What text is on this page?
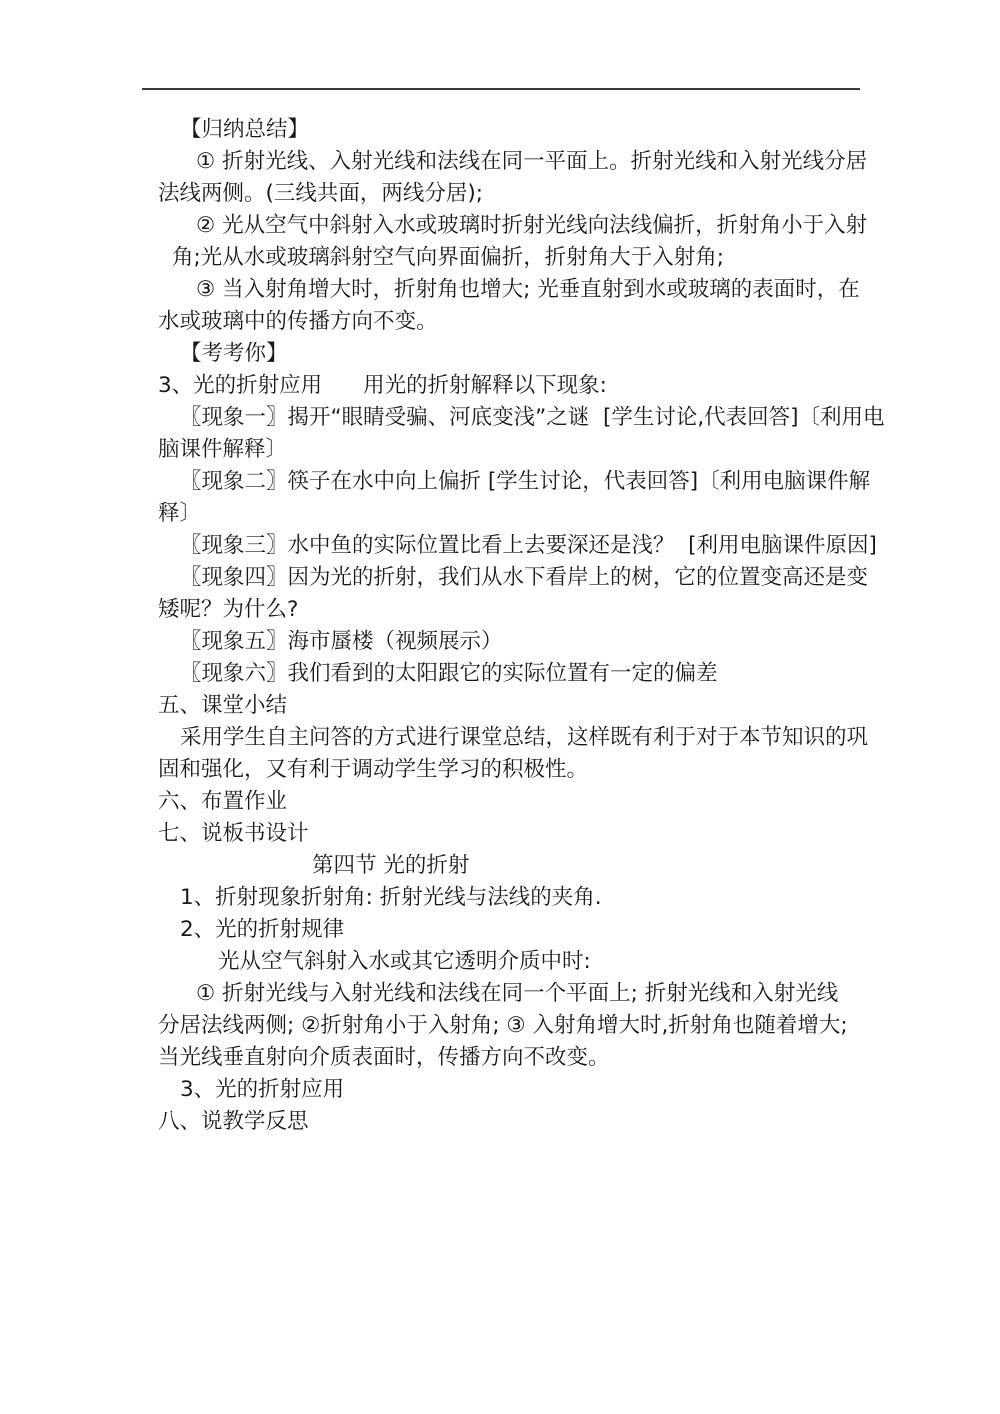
【归纳总结】
① 折射光线、入射光线和法线在同一平面上。折射光线和入射光线分居
法线两侧。(三线共面，两线分居);
② 光从空气中斜射入水或玻璃时折射光线向法线偏折，折射角小于入射
角;光从水或玻璃斜射空气向界面偏折，折射角大于入射角;
③ 当入射角增大时，折射角也增大; 光垂直射到水或玻璃的表面时，在
水或玻璃中的传播方向不变。
【考考你】
3、光的折射应用      用光的折射解释以下现象:
〖现象一〗揭开“眼睛受骗、河底变浅”之谜  [学生讨论,代表回答]〔利用电
脑课件解释〕
〖现象二〗筷子在水中向上偏折 [学生讨论，代表回答]〔利用电脑课件解
释〕
〖现象三〗水中鱼的实际位置比看上去要深还是浅？  [利用电脑课件原因]
〖现象四〗因为光的折射，我们从水下看岸上的树，它的位置变高还是变
矮呢？为什么?
〖现象五〗海市蜃楼（视频展示）
〖现象六〗我们看到的太阳跟它的实际位置有一定的偏差
五、课堂小结
采用学生自主问答的方式进行课堂总结，这样既有利于对于本节知识的巩
固和强化，又有利于调动学生学习的积极性。
六、布置作业
七、说板书设计
第四节 光的折射
1、折射现象折射角: 折射光线与法线的夹角.
2、光的折射规律
光从空气斜射入水或其它透明介质中时:
① 折射光线与入射光线和法线在同一个平面上; 折射光线和入射光线
分居法线两侧; ②折射角小于入射角; ③ 入射角增大时,折射角也随着增大;
当光线垂直射向介质表面时，传播方向不改变。
3、光的折射应用
八、说教学反思
